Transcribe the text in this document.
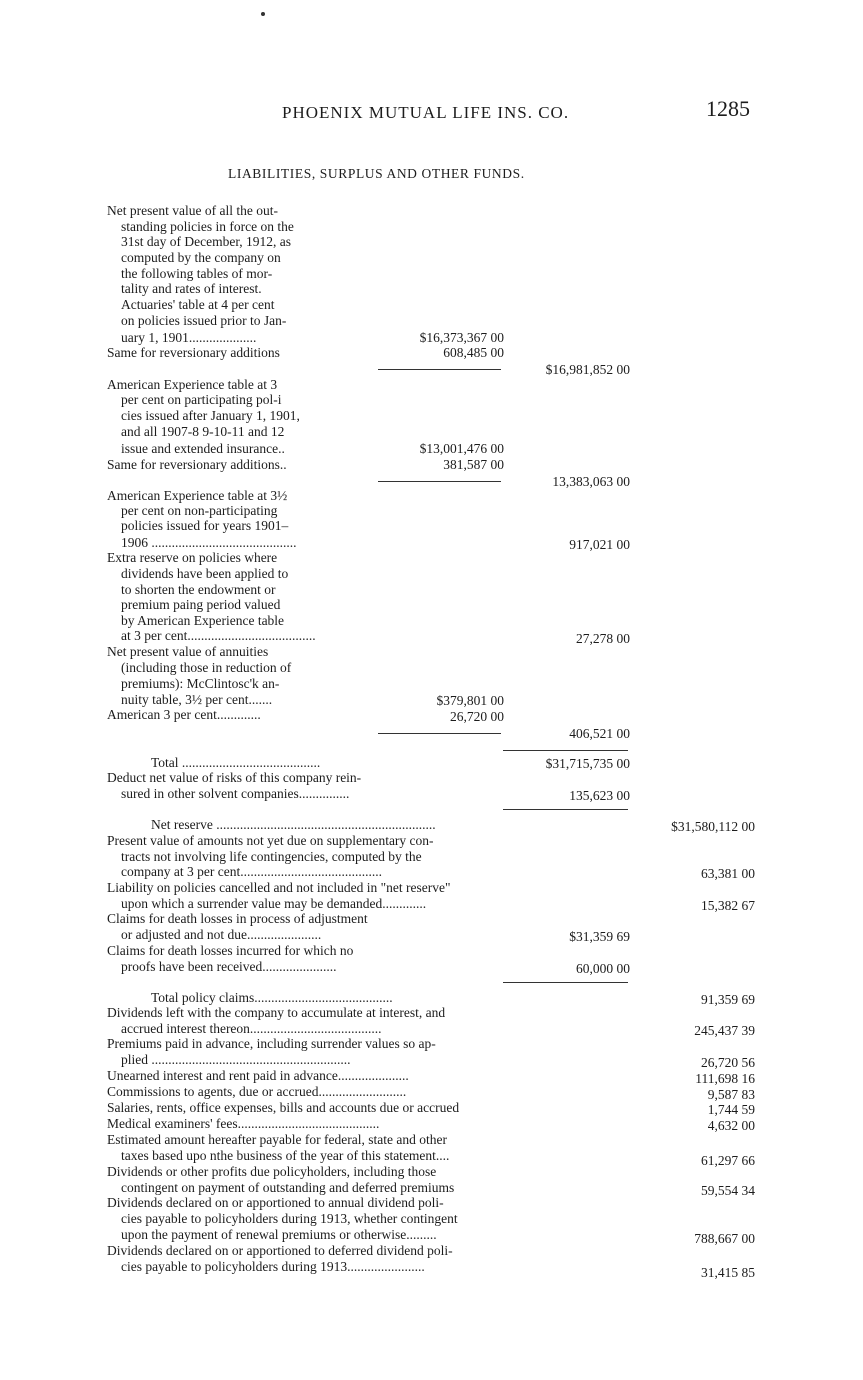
PHOENIX MUTUAL LIFE INS. CO.	1285
LIABILITIES, SURPLUS AND OTHER FUNDS.
Net present value of all the out-
standing policies in force on the
31st day of December, 1912, as
computed by the company on
the following tables of mor-
tality and rates of interest.
Actuaries' table at 4 per cent
on policies issued prior to Jan-
uary 1, 1901....................	$16,373,367 00
Same for reversionary additions	608,485 00
$16,981,852 00
American Experience table at 3
per cent on participating pol-i
cies issued after January 1, 1901,
and all 1907-8 9-10-11 and 12
issue and extended insurance..	$13,001,476 00
Same for reversionary additions..	381,587 00
13,383,063 00
American Experience table at 3½
per cent on non-participating
policies issued for years 1901–
1906 ...........................................	917,021 00
Extra reserve on policies where
dividends have been applied to
to shorten the endowment or
premium paing period valued
by American Experience table
at 3 per cent......................................	27,278 00
Net present value of annuities
(including those in reduction of
premiums): McClintosc'k an-
nuity table, 3½ per cent.......	$379,801 00
American 3 per cent.............	26,720 00
406,521 00
Total .........................................	$31,715,735 00
Deduct net value of risks of this company rein-
sured in other solvent companies...............	135,623 00
Net reserve .................................................................	$31,580,112 00
Present value of amounts not yet due on supplementary con-
tracts not involving life contingencies, computed by the
company at 3 per cent..........................................	63,381 00
Liability on policies cancelled and not included in "net reserve"
upon which a surrender value may be demanded.............	15,382 67
Claims for death losses in process of adjustment
or adjusted and not due......................	$31,359 69
Claims for death losses incurred for which no
proofs have been received......................	60,000 00
Total policy claims.........................................	91,359 69
Dividends left with the company to accumulate at interest, and
accrued interest thereon.......................................	245,437 39
Premiums paid in advance, including surrender values so ap-
plied ...........................................................	26,720 56
Unearned interest and rent paid in advance.....................	111,698 16
Commissions to agents, due or accrued..........................	9,587 83
Salaries, rents, office expenses, bills and accounts due or accrued	1,744 59
Medical examiners' fees..........................................	4,632 00
Estimated amount hereafter payable for federal, state and other
taxes based upo nthe business of the year of this statement....	61,297 66
Dividends or other profits due policyholders, including those
contingent on payment of outstanding and deferred premiums	59,554 34
Dividends declared on or apportioned to annual dividend poli-
cies payable to policyholders during 1913, whether contingent
upon the payment of renewal premiums or otherwise.........	788,667 00
Dividends declared on or apportioned to deferred dividend poli-
cies payable to policyholders during 1913.......................	31,415 85
